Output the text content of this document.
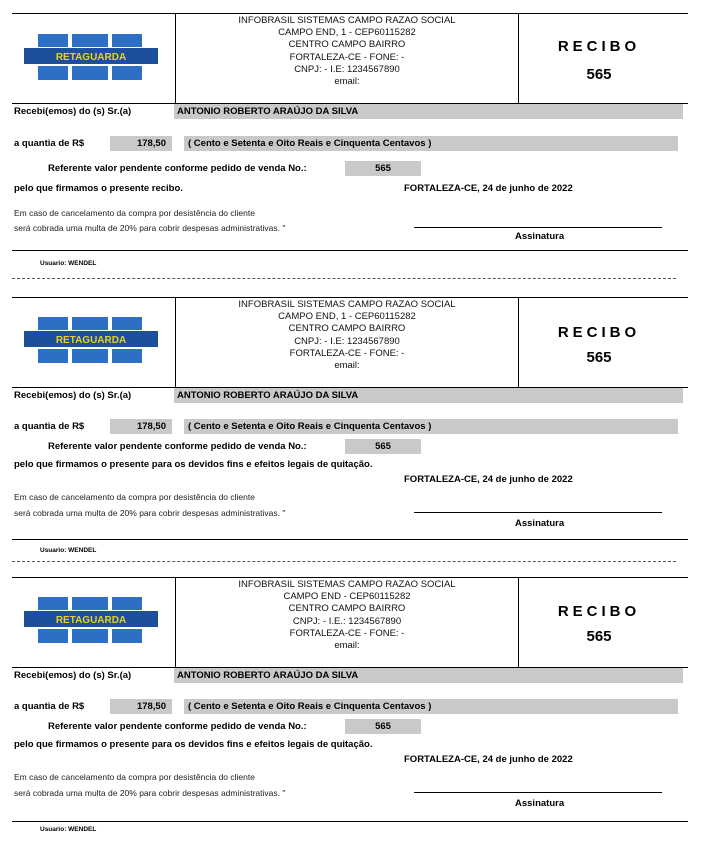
RETAGUARDA
INFOBRASIL SISTEMAS CAMPO RAZAO SOCIAL
CAMPO END, 1 - CEP60115282
CENTRO CAMPO BAIRRO
FORTALEZA-CE - FONE: -
CNPJ: - I.E: 1234567890
email:
RECIBO
565
Recebi(emos) do (s) Sr.(a)	ANTONIO ROBERTO ARAÚJO DA SILVA
a quantia de R$	178,50	( Cento e Setenta e Oito Reais e Cinquenta Centavos )
Referente valor pendente conforme pedido de venda No.:	565
pelo que firmamos o presente recibo.	FORTALEZA-CE, 24 de junho de 2022
Em caso de cancelamento da compra por desistência do cliente
será cobrada uma multa de 20% para cobrir despesas administrativas. "
Assinatura
Usuario: WENDEL
RETAGUARDA
INFOBRASIL SISTEMAS CAMPO RAZAO SOCIAL
CAMPO END, 1 - CEP60115282
CENTRO CAMPO BAIRRO
CNPJ: - I.E: 1234567890
FORTALEZA-CE - FONE: -
email:
RECIBO
565
Recebi(emos) do (s) Sr.(a)	ANTONIO ROBERTO ARAÚJO DA SILVA
a quantia de R$	178,50	( Cento e Setenta e Oito Reais e Cinquenta Centavos )
Referente valor pendente conforme pedido de venda No.:	565
pelo que firmamos o presente para os devidos fins e efeitos legais de quitação.
FORTALEZA-CE, 24 de junho de 2022
Em caso de cancelamento da compra por desistência do cliente
será cobrada uma multa de 20% para cobrir despesas administrativas. "
Assinatura
Usuario: WENDEL
RETAGUARDA
INFOBRASIL SISTEMAS CAMPO RAZAO SOCIAL
CAMPO END - CEP60115282
CENTRO CAMPO BAIRRO
CNPJ: - I.E.: 1234567890
FORTALEZA-CE - FONE: -
email:
RECIBO
565
Recebi(emos) do (s) Sr.(a)	ANTONIO ROBERTO ARAÚJO DA SILVA
a quantia de R$	178,50	( Cento e Setenta e Oito Reais e Cinquenta Centavos )
Referente valor pendente conforme pedido de venda No.:	565
pelo que firmamos o presente para os devidos fins e efeitos legais de quitação.
FORTALEZA-CE, 24 de junho de 2022
Em caso de cancelamento da compra por desistência do cliente
será cobrada uma multa de 20% para cobrir despesas administrativas. "
Assinatura
Usuario: WENDEL
